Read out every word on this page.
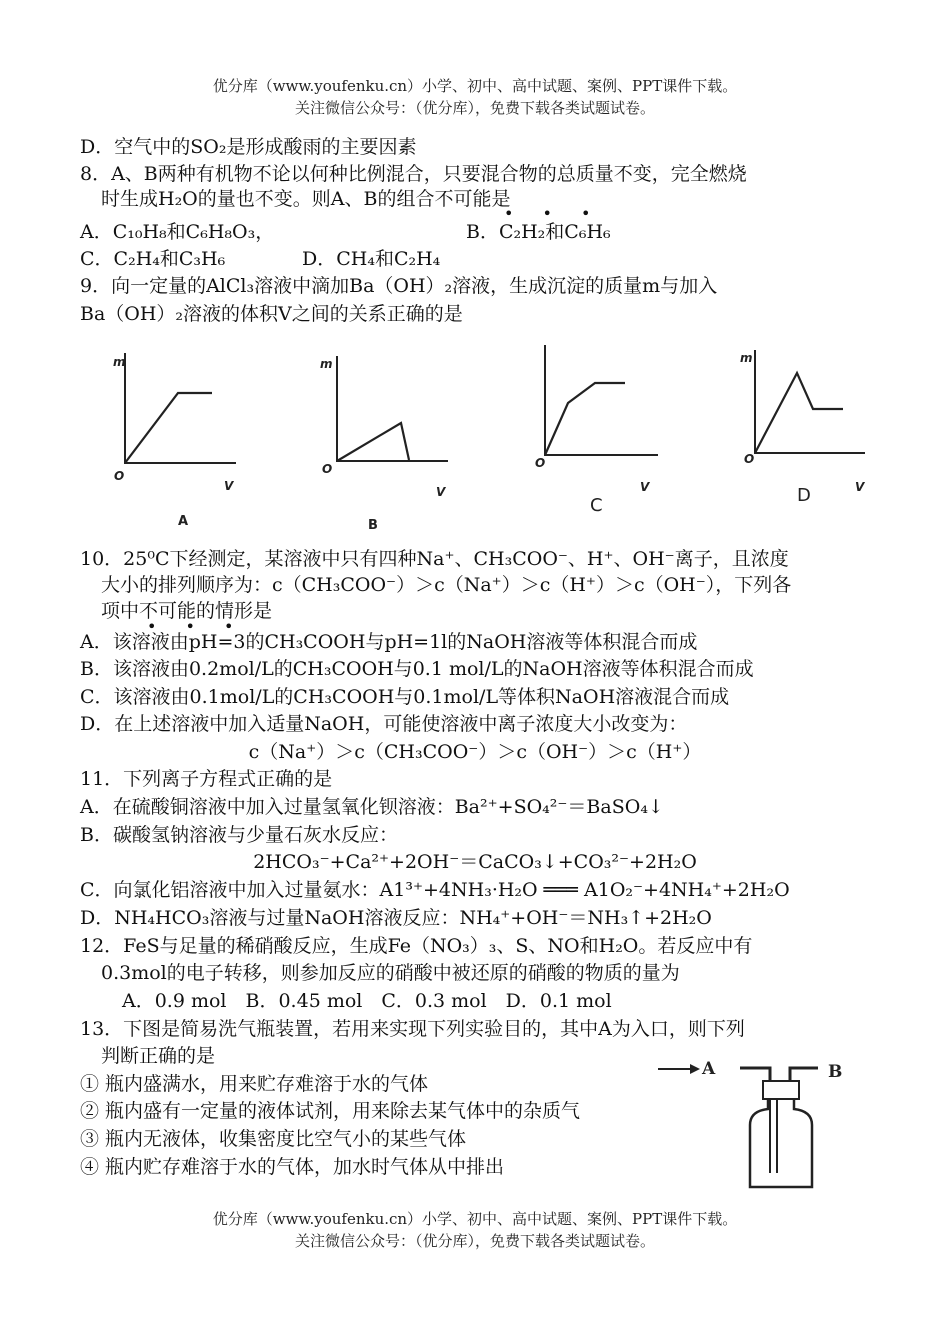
优分库（www.youfenku.cn）小学、初中、高中试题、案例、PPT课件下载。
关注微信公众号：（优分库），免费下载各类试题试卷。
D．空气中的SO₂是形成酸雨的主要因素
8．A、B两种有机物不论以何种比例混合，只要混合物的总质量不变，完全燃烧
时生成H₂O的量也不变。则A、B的组合不可能是
• • •
A．C₁₀H₈和C₆H₈O₃，	B．C₂H₂和C₆H₆
C．C₂H₄和C₃H₆	D．CH₄和C₂H₄
9．向一定量的AlCl₃溶液中滴加Ba（OH）₂溶液，生成沉淀的质量m与加入
Ba（OH）₂溶液的体积V之间的关系正确的是
m
O
V
A
m
O
V
B
O
V
C
m
O
V
D
10．25⁰C下经测定，某溶液中只有四种Na⁺、CH₃COO⁻、H⁺、OH⁻离子，且浓度
大小的排列顺序为：c（CH₃COO⁻）＞c（Na⁺）＞c（H⁺）＞c（OH⁻），下列各
项中不可能的情形是
• • •
A．该溶液由pH=3的CH₃COOH与pH=1l的NaOH溶液等体积混合而成
B．该溶液由0.2mol/L的CH₃COOH与0.1 mol/L的NaOH溶液等体积混合而成
C．该溶液由0.1mol/L的CH₃COOH与0.1mol/L等体积NaOH溶液混合而成
D．在上述溶液中加入适量NaOH，可能使溶液中离子浓度大小改变为：
c（Na⁺）＞c（CH₃COO⁻）＞c（OH⁻）＞c（H⁺）
11．下列离子方程式正确的是
A．在硫酸铜溶液中加入过量氢氧化钡溶液：Ba²⁺+SO₄²⁻＝BaSO₄↓
B．碳酸氢钠溶液与少量石灰水反应：
2HCO₃⁻+Ca²⁺+2OH⁻＝CaCO₃↓+CO₃²⁻+2H₂O
C．向氯化铝溶液中加入过量氨水：A1³⁺+4NH₃·H₂O ═══ A1O₂⁻+4NH₄⁺+2H₂O
D．NH₄HCO₃溶液与过量NaOH溶液反应：NH₄⁺+OH⁻＝NH₃↑+2H₂O
12．FeS与足量的稀硝酸反应，生成Fe（NO₃）₃、S、NO和H₂O。若反应中有
0.3mol的电子转移，则参加反应的硝酸中被还原的硝酸的物质的量为
A．0.9 mol　B．0.45 mol　C．0.3 mol　D．0.1 mol
13．下图是简易洗气瓶装置，若用来实现下列实验目的，其中A为入口，则下列
判断正确的是
① 瓶内盛满水，用来贮存难溶于水的气体
② 瓶内盛有一定量的液体试剂，用来除去某气体中的杂质气
③ 瓶内无液体，收集密度比空气小的某些气体
④ 瓶内贮存难溶于水的气体，加水时气体从中排出
A	B
优分库（www.youfenku.cn）小学、初中、高中试题、案例、PPT课件下载。
关注微信公众号：（优分库），免费下载各类试题试卷。
